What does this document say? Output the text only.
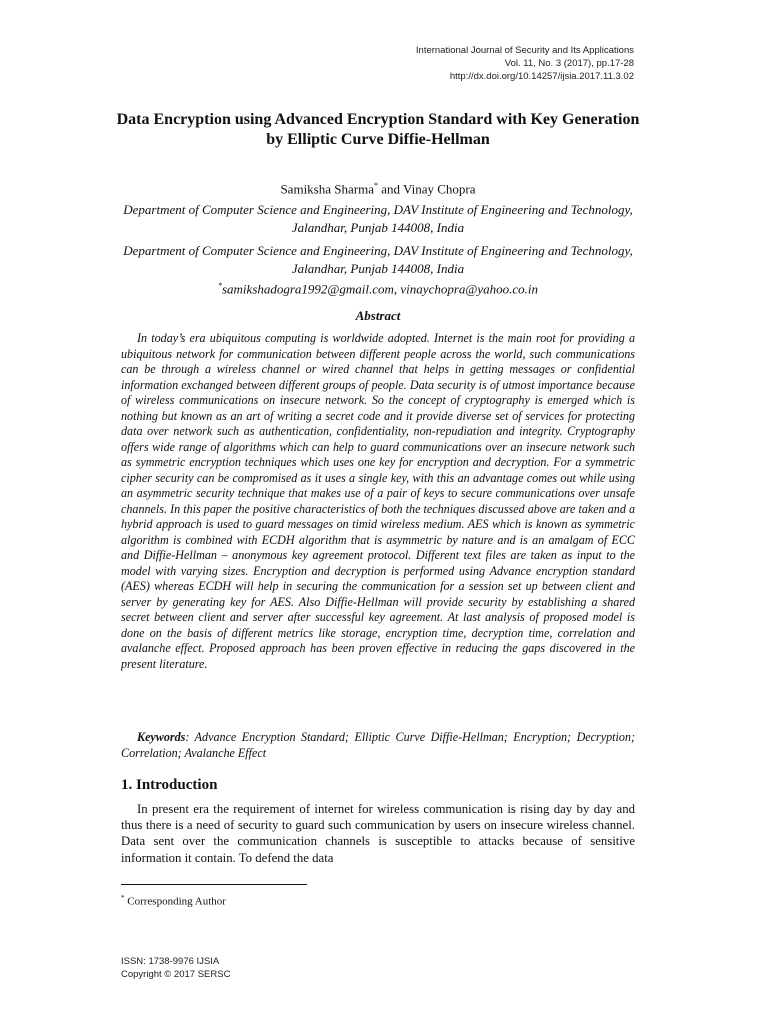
International Journal of Security and Its Applications
Vol. 11, No. 3 (2017), pp.17-28
http://dx.doi.org/10.14257/ijsia.2017.11.3.02
Data Encryption using Advanced Encryption Standard with Key Generation by Elliptic Curve Diffie-Hellman
Samiksha Sharma* and Vinay Chopra
Department of Computer Science and Engineering, DAV Institute of Engineering and Technology, Jalandhar, Punjab 144008, India
Department of Computer Science and Engineering, DAV Institute of Engineering and Technology, Jalandhar, Punjab 144008, India
*samikshadogra1992@gmail.com, vinaychopra@yahoo.co.in
Abstract

In today’s era ubiquitous computing is worldwide adopted. Internet is the main root for providing a ubiquitous network for communication between different people across the world, such communications can be through a wireless channel or wired channel that helps in getting messages or confidential information exchanged between different groups of people. Data security is of utmost importance because of wireless communications on insecure network. So the concept of cryptography is emerged which is nothing but known as an art of writing a secret code and it provide diverse set of services for protecting data over network such as authentication, confidentiality, non-repudiation and integrity. Cryptography offers wide range of algorithms which can help to guard communications over an insecure network such as symmetric encryption techniques which uses one key for encryption and decryption. For a symmetric cipher security can be compromised as it uses a single key, with this an advantage comes out while using an asymmetric security technique that makes use of a pair of keys to secure communications over unsafe channels. In this paper the positive characteristics of both the techniques discussed above are taken and a hybrid approach is used to guard messages on timid wireless medium. AES which is known as symmetric algorithm is combined with ECDH algorithm that is asymmetric by nature and is an amalgam of ECC and Diffie-Hellman – anonymous key agreement protocol. Different text files are taken as input to the model with varying sizes. Encryption and decryption is performed using Advance encryption standard (AES) whereas ECDH will help in securing the communication for a session set up between client and server by generating key for AES. Also Diffie-Hellman will provide security by establishing a shared secret between client and server after successful key agreement. At last analysis of proposed model is done on the basis of different metrics like storage, encryption time, decryption time, correlation and avalanche effect. Proposed approach has been proven effective in reducing the gaps discovered in the present literature.

Keywords: Advance Encryption Standard; Elliptic Curve Diffie-Hellman; Encryption; Decryption; Correlation; Avalanche Effect

1. Introduction

In present era the requirement of internet for wireless communication is rising day by day and thus there is a need of security to guard such communication by users on insecure wireless channel. Data sent over the communication channels is susceptible to attacks because of sensitive information it contain. To defend the data

* Corresponding Author
ISSN: 1738-9976 IJSIA
Copyright © 2017 SERSC
